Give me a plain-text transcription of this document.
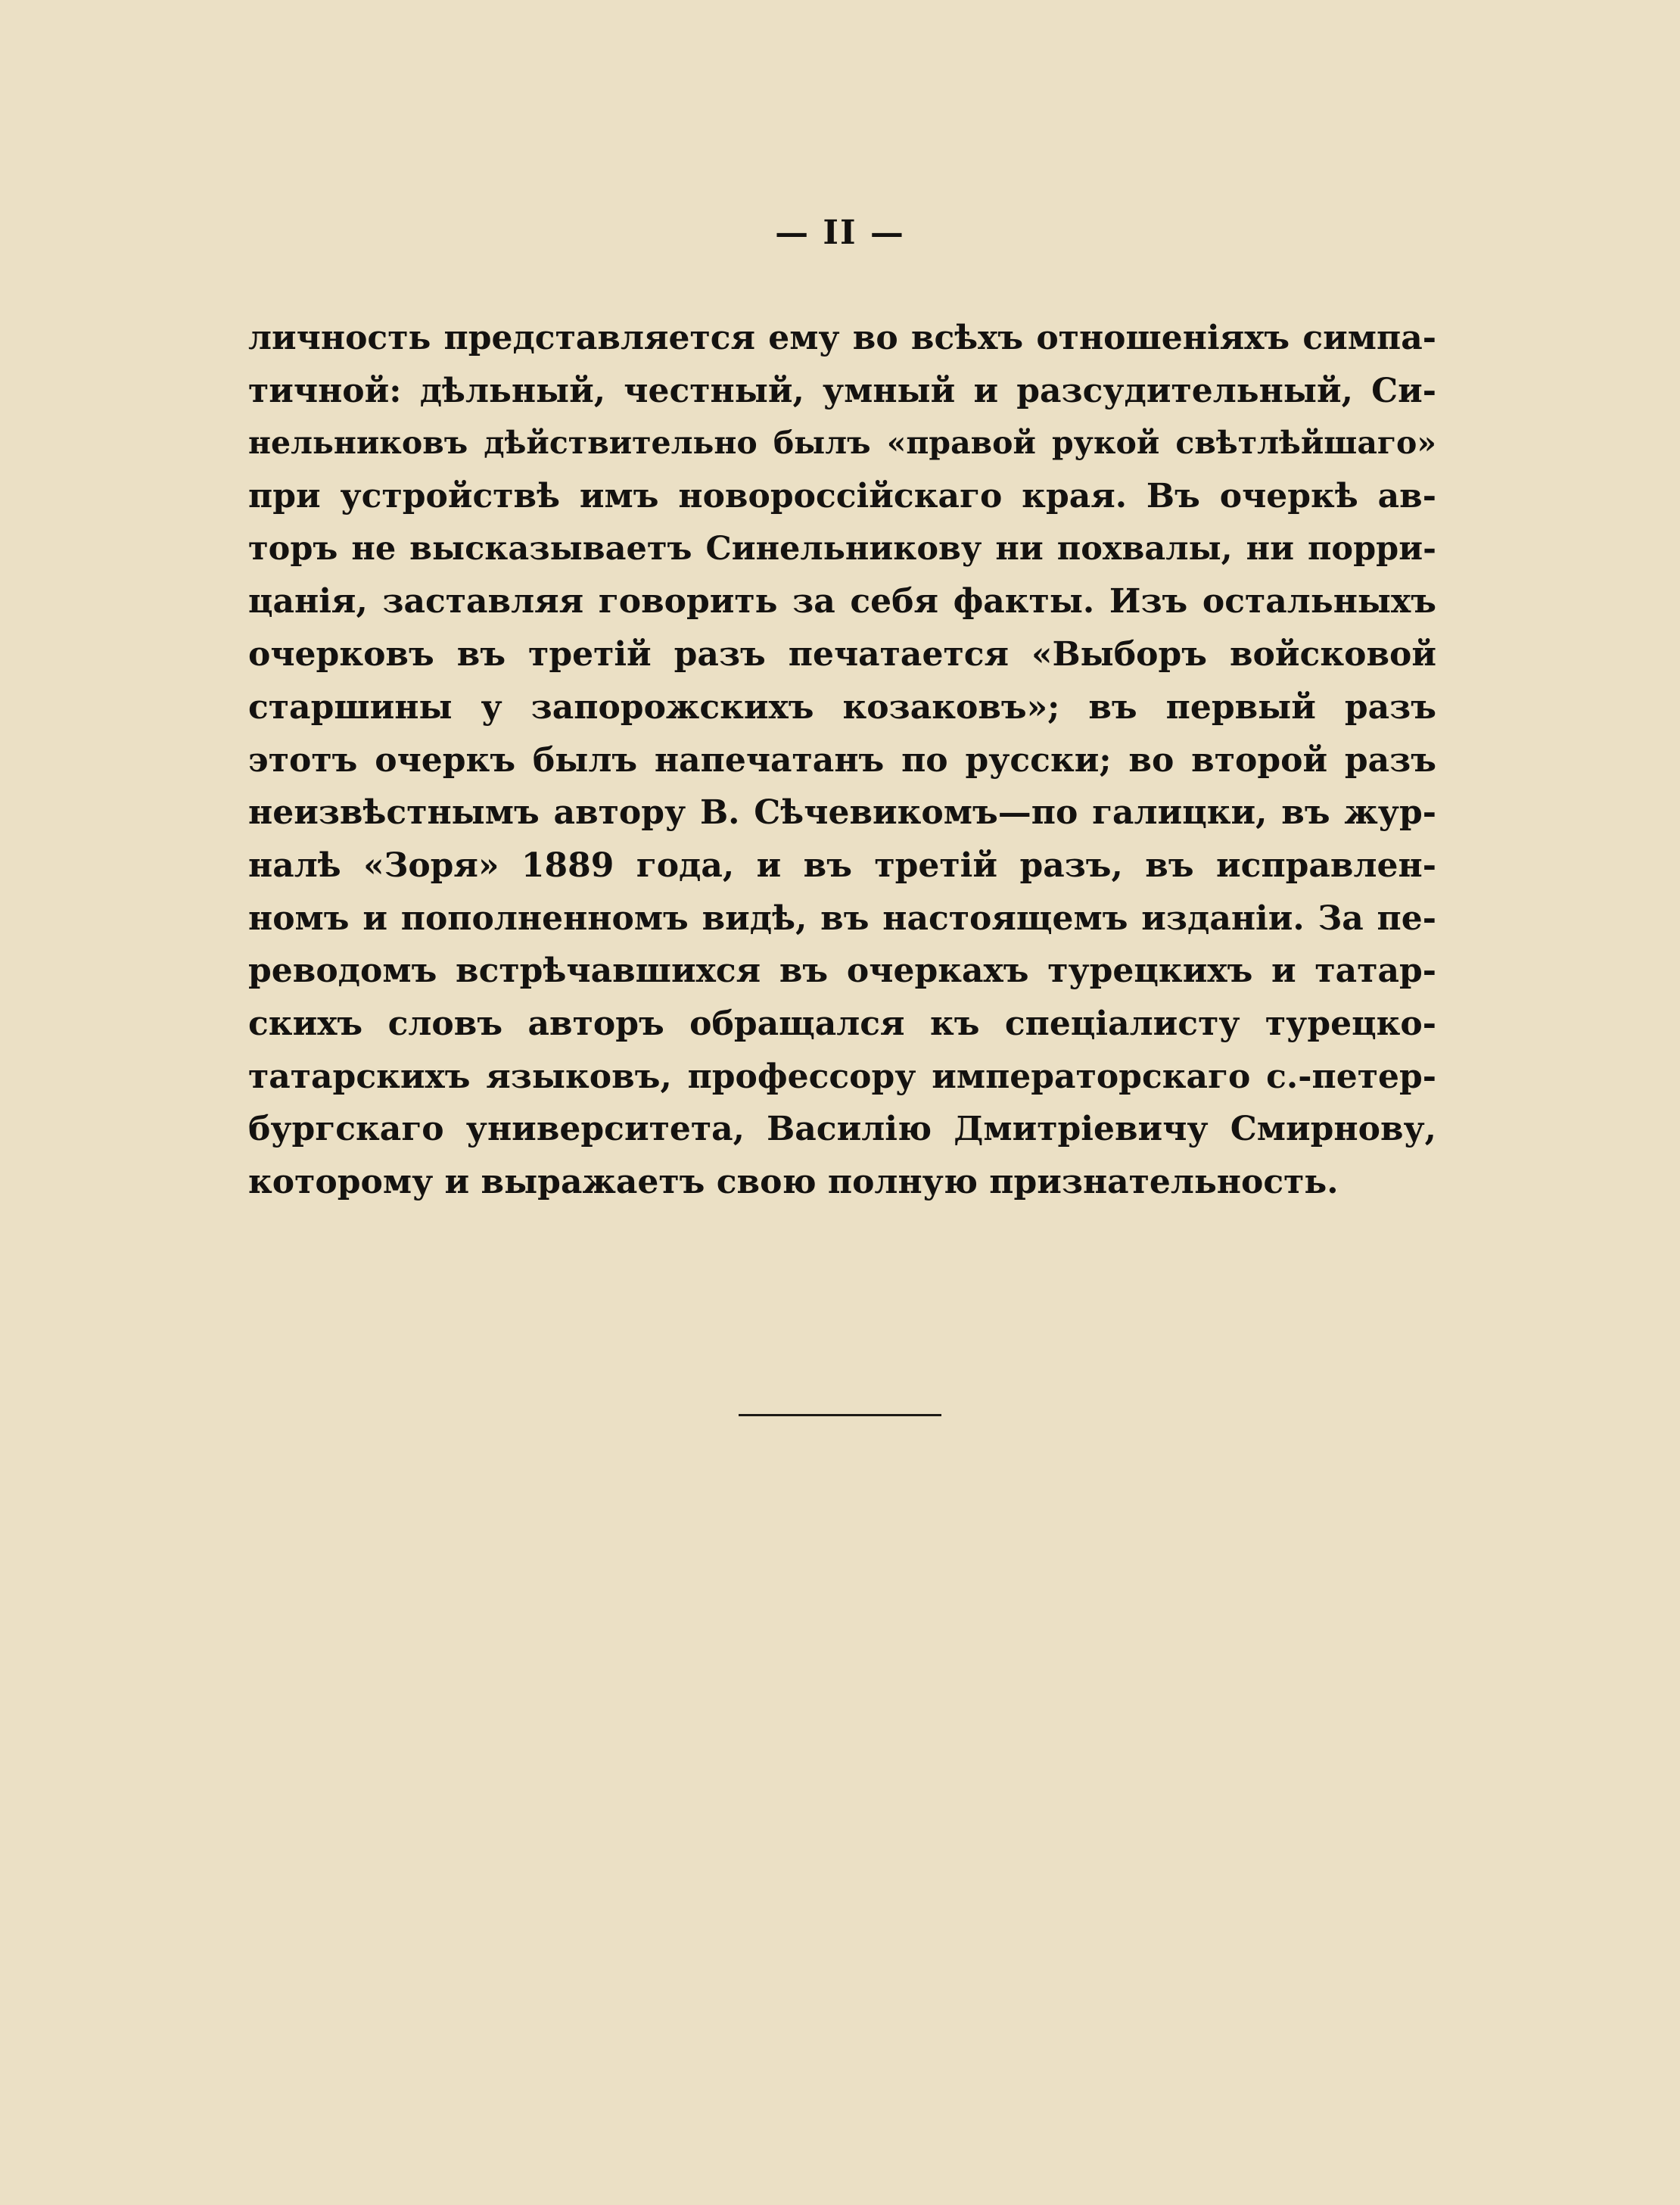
— II —
личность представляется ему во всѣхъ отношеніяхъ симпа-
тичной: дѣльный, честный, умный и разсудительный, Си-
нельниковъ дѣйствительно былъ «правой рукой свѣтлѣйшаго»
при устройствѣ имъ новороссійскаго края. Въ очеркѣ ав-
торъ не высказываетъ Синельникову ни похвалы, ни порри-
цанія, заставляя говорить за себя факты. Изъ остальныхъ
очерковъ въ третій разъ печатается «Выборъ войсковой
старшины у запорожскихъ козаковъ»; въ первый разъ
этотъ очеркъ былъ напечатанъ по русски; во второй разъ
неизвѣстнымъ автору В. Сѣчевикомъ—по галицки, въ жур-
налѣ «Зоря» 1889 года, и въ третій разъ, въ исправлен-
номъ и пополненномъ видѣ, въ настоящемъ изданіи. За пе-
реводомъ встрѣчавшихся въ очеркахъ турецкихъ и татар-
скихъ словъ авторъ обращался къ спеціалисту турецко-
татарскихъ языковъ, профессору императорскаго с.-петер-
бургскаго университета, Василію Дмитріевичу Смирнову,
которому и выражаетъ свою полную признательность.
